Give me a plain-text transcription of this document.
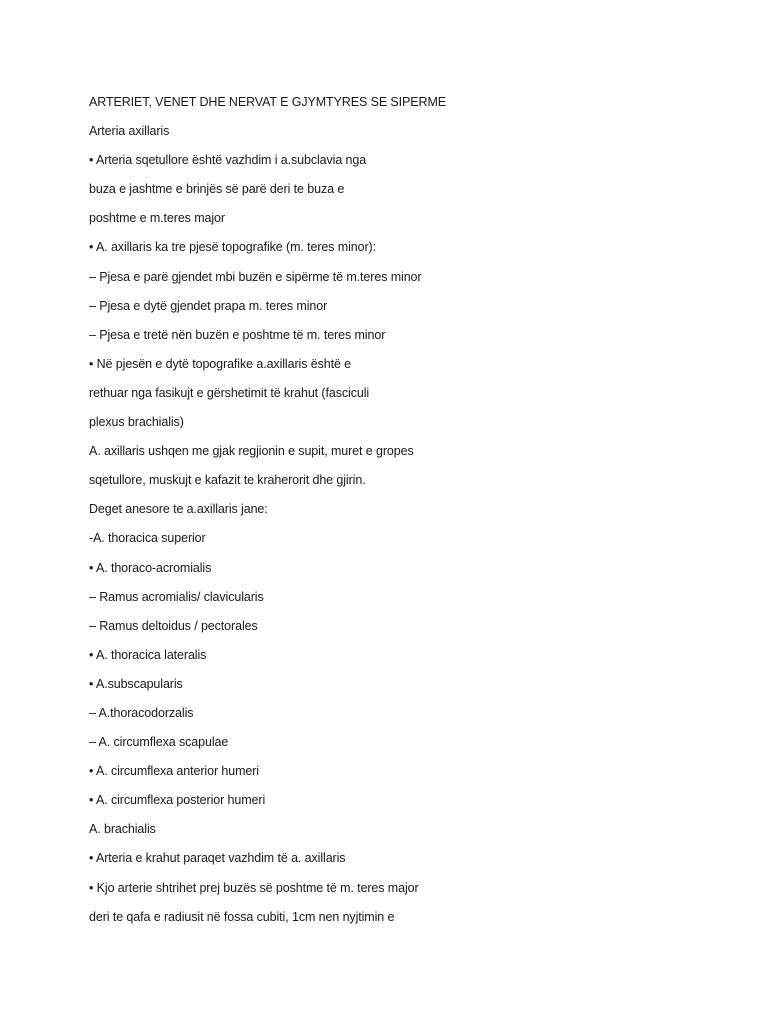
ARTERIET, VENET DHE NERVAT E GJYMTYRES SE SIPERME
Arteria axillaris
• Arteria sqetullore është vazhdim i a.subclavia nga
buza e jashtme e brinjës së parë deri te buza e
poshtme e m.teres major
• A. axillaris ka tre pjesë topografike (m. teres minor):
– Pjesa e parë gjendet mbi buzën e sipërme të m.teres minor
– Pjesa e dytë gjendet prapa m. teres minor
– Pjesa e tretë nën buzën e poshtme të m. teres minor
• Në pjesën e dytë topografike a.axillaris është e
rethuar nga fasikujt e gërshetimit të krahut (fasciculi
plexus brachialis)
A. axillaris ushqen me gjak regjionin e supit, muret e gropes
sqetullore, muskujt e kafazit te kraherorit dhe gjirin.
Deget anesore te a.axillaris jane:
-A. thoracica superior
• A. thoraco-acromialis
– Ramus acromialis/ clavicularis
– Ramus deltoidus / pectorales
• A. thoracica lateralis
• A.subscapularis
– A.thoracodorzalis
– A. circumflexa scapulae
• A. circumflexa anterior humeri
• A. circumflexa posterior humeri
A. brachialis
• Arteria e krahut paraqet vazhdim të a. axillaris
• Kjo arterie shtrihet prej buzës së poshtme të m. teres major
deri te qafa e radiusit në fossa cubiti, 1cm nen nyjtimin e
